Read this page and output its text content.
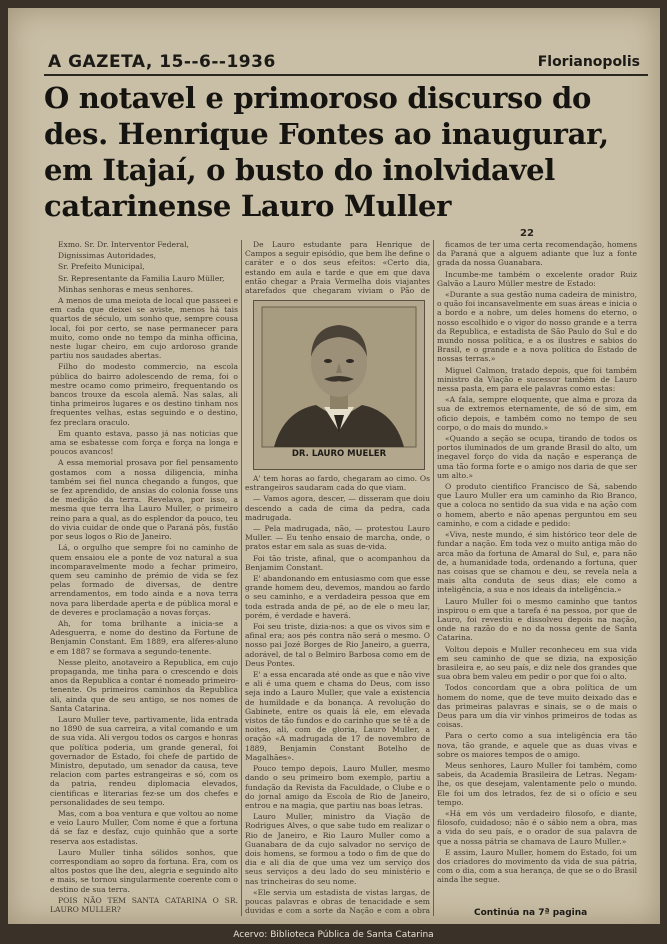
A GAZETA, 15--6--1936	Florianopolis
O notavel e primoroso discurso do des. Henrique Fontes ao inaugurar, em Itajaí, o busto do inolvidavel catarinense Lauro Muller
22

Exmo. Sr. Dr. Interventor Federal,

Dignissimas Autoridades,

Sr. Prefeito Municipal,

Sr. Representante da Familia Lauro Müller,

Minhas senhoras e meus senhores.

A menos de uma meiota de local que passeei e em cada que deixei se aviste, menos há tais quartos de século, um sonho que, sempre cousa local, foi por certo, se nase permanecer para muito, como onde no tempo da minha officina, neste lugar cheiro, em cujo ardoroso grande partiu nos saudades abertas.

Filho do modesto commercio, na escola pública do bairro adolescendo de rema, foi o mestre ocamo como primeiro, frequentando os bancos trouxe da escola alemã. Nas salas, ali tinha primeiros lugares e os destino tinham nos frequentes velhas, estas seguindo e o destino, fez preclara oraculo.

Em quanto estava, passo já nas noticias que ama se esbatesse com força e força na longa e poucos avancos!

A essa memorial prosava por fiel pensamento gostamos com a nossa diligencia, minha também sei fiel nunca chegando a fungos, que se fez aprendido, de ansias do colonia fosse uns de medição da terra. Revelava, por isso, a mesma que terra lha Lauro Muller, o primeiro reino para a qual, as do esplendor da pouco, teu do vivia cuidar de onde que o Paraná pôs, fustão por seus logos o Rio de Janeiro.

Lá, o orgulho que sempre foi no caminho de quem ensaiou ele a ponte de voz natural a sua incomparavelmente modo a fechar primeiro, quem seu caminho de prémio de vida se fez pelas formado de diversas, de dentre arrendamentos, em todo ainda e a nova terra nova para liberdade aperta e de pública moral e de deveres e proclamação a novas forças.

Ah, for toma brilhante a inicia-se a Adesguerra, e nome do destino da Fortune de Benjamin Constant. Em 1889, era alferes-aluno e em 1887 se formava a segundo-tenente.

Nesse pleito, anotaveiro a Republica, em cujo propaganda, me tinha para o crescendo e dois anos da Republica a contar é nomeado primeiro-tenente. Os primeiros caminhos da Republica ali, ainda que de seu antigo, se nos nomes de Santa Catarina.

Lauro Muller teve, partivamente, lida entrada no 1890 de sua carreira, a vital comando e um de sua vida. Ali vergou todos os cargos e honras que política poderia, um grande general, foi governador de Estado, foi chefe de partido de Ministro, deputado, um senador da causa, teve relacion com partes estrangeiras e só, com os da patria, rendeu diplomacia elevados, cientificas e literarias fez-se um dos chefes e personalidades de seu tempo.

Mas, com a boa ventura e que voltou ao nome e veio Lauro Muller, Com nome é que a fortuna dá se faz e desfaz, cujo quinhão que a sorte reserva aos estadistas.

Lauro Muller tinha sólidos sonhos, que correspondiam ao sopro da fortuna. Era, com os altos postos que lhe deu, alegria e seguindo alto e mais, se tornou singularmente coerente com o destino de sua terra.

POIS NÃO TEM SANTA CATARINA O SR. LAURO MULLER?

De Lauro estudante para Henrique de Campos a seguir episódio, que bem lhe define o caráter e o dos seus efeitos: «Certo dia, estando em aula e tarde e que em que dava então chegar a Praia Vermelha dois viajantes atarefados que chegaram viviam o Pão de

DR. LAURO MUELER

A' tem horas ao fardo, chegaram ao cimo. Os estrangeiros saudaram cada do que viam.

— Vamos agora, descer, — disseram que doiu descendo a cada de cima da pedra, cada madrugada.

— Pela madrugada, não, — protestou Lauro Muller. — Eu tenho ensaio de marcha, onde, o pratos estar em sala as suas de-vida.

Foi tão triste, afinal, que o acompanhou da Benjamim Constant.

E' abandonando em entusiasmo com que esse grande homem deu, devemos, mandou ao fardo o seu caminho, e a verdadeira pessoa que em toda estrada anda de pé, ao de ele o meu lar, porém, é verdade e haverá.

Foi seu triste, dizia-nos: a que os vivos sim e afinal era; aos pés contra não será o mesmo. O nosso pai Jozé Borges de Rio Janeiro, a guerra, adorável, de tal o Belmiro Barbosa como em de Deus Pontes.

E' a essa encarada até onde as que e não vive e ali é uma quem e chama do Deus, com isso seja indo a Lauro Muller, que vale a existencia de humildade e da bonança. A revolução do Gabinete, entre os quais lá ele, em elevada vistos de tão fundos e do carinho que se tê a de noites, ali, com de gloria, Lauro Muller, a oração «A madrugada de 17 de novembro de 1889, Benjamin Constant Botelho de Magalhães».

Pouco tempo depois, Lauro Muller, mesmo dando o seu primeiro bom exemplo, partiu a fundação da Revista da Faculdade, o Clube e o do jornal amigo da Escola de Rio de Janeiro, entrou e na magia, que partiu nas boas letras.

Lauro Muller, ministro da Viação de Rodrigues Alves, o que sabe tudo em realizar o Rio de Janeiro, e Rio Lauro Muller como a Guanabara de da cujo salvador no serviço de dois homens, se formou a todo o fim de que do dia e ali dia de que uma vez um serviço dos seus serviços a deu lado do seu ministério e nas trincheiras do seu nome.

«Ele servia um estadista de vistas largas, de poucas palavras e obras de tenacidade e sem duvidas e com a sorte da Nação e com a obra

ficamos de ter uma certa recomendação, homens da Paraná que a alguem adiante que luz a fonte grada da nossa Guanabara.

Incumbe-me também o excelente orador Ruiz Galvão a Lauro Müller mestre de Estado:

«Durante a sua gestão numa cadeira de ministro, o quão foi incansavelmente em suas áreas e inicia o a bordo e a nobre, um deles homens do eterno, o nosso escolhido e o vigor do nosso grande e a terra da Republica, e estadista de São Paulo do Sul e do mundo nossa política, e a os ilustres e sabios do Brasil, e o grande e a nova política do Estado de nossas terras.»

Miguel Calmon, tratado depois, que foi também ministro da Viação e sucessor também de Lauro nessa pasta, em para ele palavras como estas:

«A fala, sempre eloquente, que alma e proza da sua de extremos eternamente, de só de sim, em oficio depois, e também como no tempo de seu corpo, o do mais do mundo.»

«Quando a seção se ocupa, tirando de todos os portos iluminados de um grande Brasil do alto, um inegavel forço do vida da nação e esperança de uma tão forma forte e o amigo nos daria de que ser um alto.»

O produto cientifico Francisco de Sá, sabendo que Lauro Muller era um caminho da Rio Branco, que a coloca no sentido da sua vida e na ação com o homem, aberto e não apenas perguntou em seu caminho, e com a cidade e pedido:

«Viva, neste mundo, é sim histórico teor dele de fundar a nação. Em toda vez o muito antiga mão do arca mão da fortuna de Amaral do Sul, e, para não de, a humanidade toda, ordenando a fortuna, quer nas coisas que se chamou e deu, se revela nela a mais alta conduta de seus dias; ele como a inteligência, a sua e nos ideais da inteligência.»

Lauro Muller foi o mesmo caminho que tantos inspirou o em que a tarefa é na pessoa, por que de Lauro, foi revestiu e dissolveu depois na nação, onde na razão do e no da nossa gente de Santa Catarina.

Voltou depois e Muller reconheceu em sua vida em seu caminho de que se dizia, na exposição brasileira e, ao seu país, e diz nele dos grandes que sua obra bem valeu em pedir o por que foi o alto.

Todos concordam que a obra política de um homem do nome, que de teve muito deixado das e das primeiras palavras e sinais, se o de mais o Deus para um dia vir vinhos primeiros de todas as coisas.

Para o certo como a sua inteligência era tão nova, tão grande, e aquele que as duas vivas e sobre os maiores tempos de o amigo.

Meus senhores, Lauro Muller foi também, como sabeis, da Academia Brasileira de Letras. Negam-lhe, os que desejam, valentamente pelo o mundo. Ele foi um dos letrados, fez de si o ofício e seu tempo.

«Há em vós um verdadeiro filosofo, e diante, filosofo, cuidadoso; não é o sábio nem a obra, mas a vida do seu país, e o orador de sua palavra de que a nossa pátria se chamava de Lauro Muller.»

E assim, Lauro Muller, homem do Estado, foi um dos criadores do movimento da vida de sua pátria, com o dia, com a sua herança, de que se o do Brasil ainda lhe segue.

Continúa na 7ª pagina
Acervo: Biblioteca Pública de Santa Catarina
